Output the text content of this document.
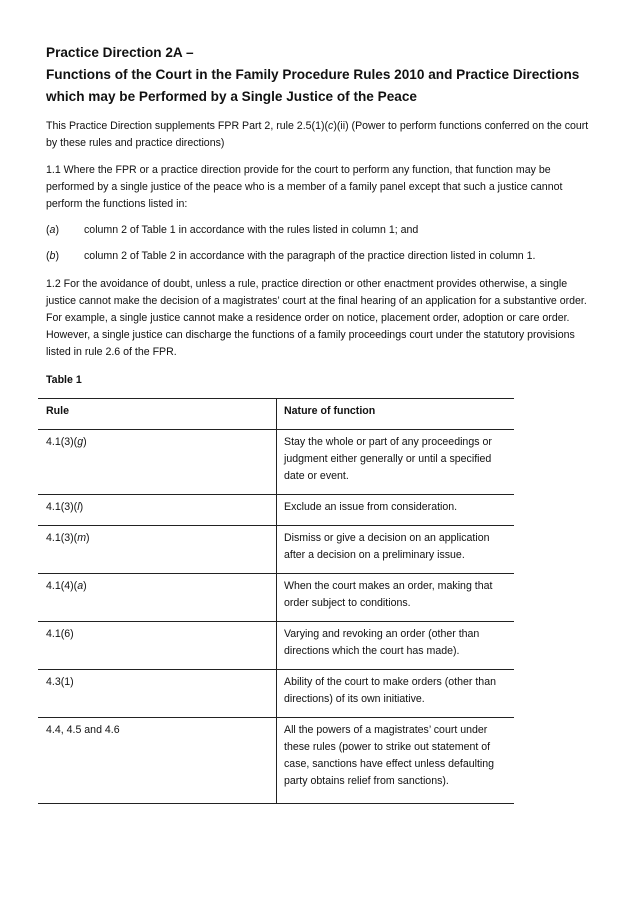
Practice Direction 2A –
Functions of the Court in the Family Procedure Rules 2010 and Practice Directions
which may be Performed by a Single Justice of the Peace
This Practice Direction supplements FPR Part 2, rule 2.5(1)(c)(ii) (Power to perform functions conferred on the court by these rules and practice directions)
1.1 Where the FPR or a practice direction provide for the court to perform any function, that function may be performed by a single justice of the peace who is a member of a family panel except that such a justice cannot perform the functions listed in:
(a) column 2 of Table 1 in accordance with the rules listed in column 1; and
(b) column 2 of Table 2 in accordance with the paragraph of the practice direction listed in column 1.
1.2 For the avoidance of doubt, unless a rule, practice direction or other enactment provides otherwise, a single justice cannot make the decision of a magistrates’ court at the final hearing of an application for a substantive order. For example, a single justice cannot make a residence order on notice, placement order, adoption or care order. However, a single justice can discharge the functions of a family proceedings court under the statutory provisions listed in rule 2.6 of the FPR.
Table 1
Rule	Nature of function
4.1(3)(g)	Stay the whole or part of any proceedings or judgment either generally or until a specified date or event.
4.1(3)(l)	Exclude an issue from consideration.
4.1(3)(m)	Dismiss or give a decision on an application after a decision on a preliminary issue.
4.1(4)(a)	When the court makes an order, making that order subject to conditions.
4.1(6)	Varying and revoking an order (other than directions which the court has made).
4.3(1)	Ability of the court to make orders (other than directions) of its own initiative.
4.4, 4.5 and 4.6	All the powers of a magistrates’ court under these rules (power to strike out statement of case, sanctions have effect unless defaulting party obtains relief from sanctions).
